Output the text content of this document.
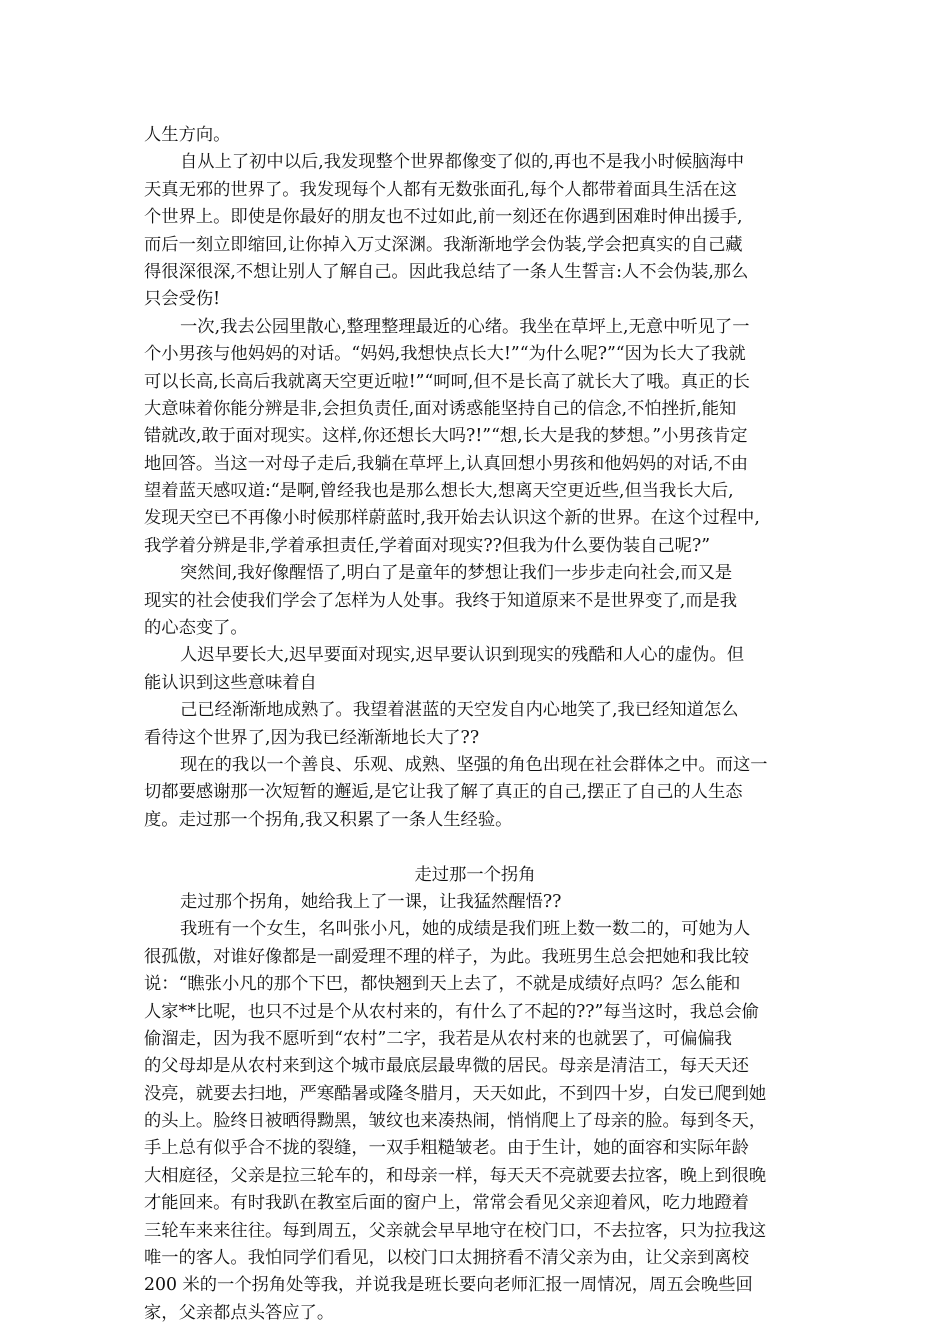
人生方向。
自从上了初中以后,我发现整个世界都像变了似的,再也不是我小时候脑海中
天真无邪的世界了。我发现每个人都有无数张面孔,每个人都带着面具生活在这
个世界上。即使是你最好的朋友也不过如此,前一刻还在你遇到困难时伸出援手,
而后一刻立即缩回,让你掉入万丈深渊。我渐渐地学会伪装,学会把真实的自己藏
得很深很深,不想让别人了解自己。因此我总结了一条人生誓言:人不会伪装,那么
只会受伤!
一次,我去公园里散心,整理整理最近的心绪。我坐在草坪上,无意中听见了一
个小男孩与他妈妈的对话。“妈妈,我想快点长大!”“为什么呢?”“因为长大了我就
可以长高,长高后我就离天空更近啦!”“呵呵,但不是长高了就长大了哦。真正的长
大意味着你能分辨是非,会担负责任,面对诱惑能坚持自己的信念,不怕挫折,能知
错就改,敢于面对现实。这样,你还想长大吗?!”“想,长大是我的梦想。”小男孩肯定
地回答。当这一对母子走后,我躺在草坪上,认真回想小男孩和他妈妈的对话,不由
望着蓝天感叹道:“是啊,曾经我也是那么想长大,想离天空更近些,但当我长大后,
发现天空已不再像小时候那样蔚蓝时,我开始去认识这个新的世界。在这个过程中,
我学着分辨是非,学着承担责任,学着面对现实??但我为什么要伪装自己呢?”
突然间,我好像醒悟了,明白了是童年的梦想让我们一步步走向社会,而又是
现实的社会使我们学会了怎样为人处事。我终于知道原来不是世界变了,而是我
的心态变了。
人迟早要长大,迟早要面对现实,迟早要认识到现实的残酷和人心的虚伪。但
能认识到这些意味着自
己已经渐渐地成熟了。我望着湛蓝的天空发自内心地笑了,我已经知道怎么
看待这个世界了,因为我已经渐渐地长大了??
现在的我以一个善良、乐观、成熟、坚强的角色出现在社会群体之中。而这一
切都要感谢那一次短暂的邂逅,是它让我了解了真正的自己,摆正了自己的人生态
度。走过那一个拐角,我又积累了一条人生经验。
走过那一个拐角
走过那个拐角，她给我上了一课，让我猛然醒悟??
我班有一个女生，名叫张小凡，她的成绩是我们班上数一数二的，可她为人
很孤傲，对谁好像都是一副爱理不理的样子，为此。我班男生总会把她和我比较
说：“瞧张小凡的那个下巴，都快翘到天上去了，不就是成绩好点吗？怎么能和
人家**比呢，也只不过是个从农村来的，有什么了不起的??”每当这时，我总会偷
偷溜走，因为我不愿听到“农村”二字，我若是从农村来的也就罢了，可偏偏我
的父母却是从农村来到这个城市最底层最卑微的居民。母亲是清洁工，每天天还
没亮，就要去扫地，严寒酷暑或隆冬腊月，天天如此，不到四十岁，白发已爬到她
的头上。脸终日被晒得黝黑，皱纹也来凑热闹，悄悄爬上了母亲的脸。每到冬天，
手上总有似乎合不拢的裂缝，一双手粗糙皱老。由于生计，她的面容和实际年龄
大相庭径，父亲是拉三轮车的，和母亲一样，每天天不亮就要去拉客，晚上到很晚
才能回来。有时我趴在教室后面的窗户上，常常会看见父亲迎着风，吃力地蹬着
三轮车来来往往。每到周五，父亲就会早早地守在校门口，不去拉客，只为拉我这
唯一的客人。我怕同学们看见，以校门口太拥挤看不清父亲为由，让父亲到离校
200 米的一个拐角处等我，并说我是班长要向老师汇报一周情况，周五会晚些回
家，父亲都点头答应了。
